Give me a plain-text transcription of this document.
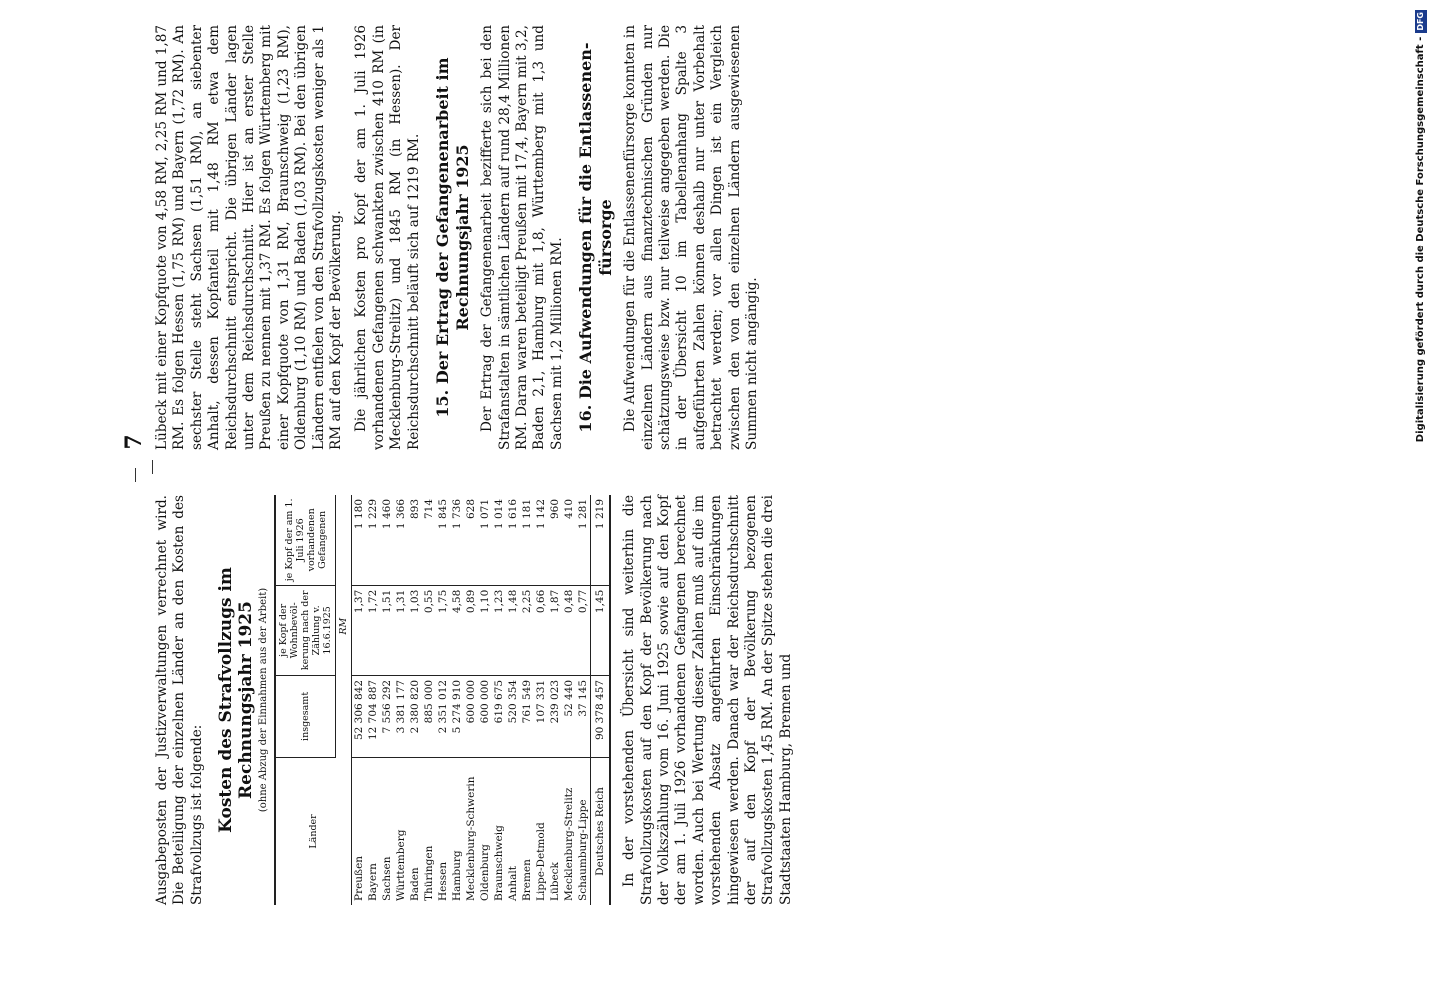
7

Ausgabeposten der Justizverwaltungen verrechnet wird. Die Beteiligung der einzelnen Länder an den Kosten des Strafvollzugs ist folgende: Kosten des Strafvollzugs im Rechnungsjahr 1925 (ohne Abzug der Einnahmen aus der Arbeit)
Länder	insgesamt	je Kopf der Wohnbevöl-kerung nach der Zählung v. 16.6.1925	je Kopf der am 1. Juli 1926 vorhandenen Gefangenen
	RM		
Preußen	52 306 842	1,37	1 180
Bayern	12 704 887	1,72	1 229
Sachsen	7 556 292	1,51	1 460
Württemberg	3 381 177	1,31	1 366
Baden	2 380 820	1,03	893
Thüringen	885 000	0,55	714
Hessen	2 351 012	1,75	1 845
Hamburg	5 274 910	4,58	1 736
Mecklenburg-Schwerin	600 000	0,89	628
Oldenburg	600 000	1,10	1 071
Braunschweig	619 675	1,23	1 014
Anhalt	520 354	1,48	1 616
Bremen	761 549	2,25	1 181
Lippe-Detmold	107 331	0,66	1 142
Lübeck	239 023	1,87	960
Mecklenburg-Strelitz	52 440	0,48	410
Schaumburg-Lippe	37 145	0,77	1 281
Deutsches Reich	90 378 457	1,45	1 219 In der vorstehenden Übersicht sind weiterhin die Strafvollzugskosten auf den Kopf der Bevölkerung nach der Volkszählung vom 16. Juni 1925 sowie auf den Kopf der am 1. Juli 1926 vorhandenen Gefangenen berechnet worden. Auch bei Wertung dieser Zahlen muß auf die im vorstehenden Absatz angeführten Einschränkungen hingewiesen werden. Danach war der Reichsdurchschnitt der auf den Kopf der Bevölkerung bezogenen Strafvollzugskosten 1,45 RM. An der Spitze stehen die drei Stadtstaaten Hamburg, Bremen und

Lübeck mit einer Kopfquote von 4,58 RM, 2,25 RM und 1,87 RM. Es folgen Hessen (1,75 RM) und Bayern (1,72 RM). An sechster Stelle steht Sachsen (1,51 RM), an siebenter Anhalt, dessen Kopfanteil mit 1,48 RM etwa dem Reichsdurchschnitt entspricht. Die übrigen Länder lagen unter dem Reichsdurchschnitt. Hier ist an erster Stelle Preußen zu nennen mit 1,37 RM. Es folgen Württemberg mit einer Kopfquote von 1,31 RM, Braunschweig (1,23 RM), Oldenburg (1,10 RM) und Baden (1,03 RM). Bei den übrigen Ländern entfielen von den Strafvollzugskosten weniger als 1 RM auf den Kopf der Bevölkerung. Die jährlichen Kosten pro Kopf der am 1. Juli 1926 vorhandenen Gefangenen schwankten zwischen 410 RM (in Mecklenburg-Strelitz) und 1845 RM (in Hessen). Der Reichsdurchschnitt beläuft sich auf 1219 RM. 15. Der Ertrag der Gefangenenarbeit im Rechnungsjahr 1925 Der Ertrag der Gefangenenarbeit bezifferte sich bei den Strafanstalten in sämtlichen Ländern auf rund 28,4 Millionen RM. Daran waren beteiligt Preußen mit 17,4, Bayern mit 3,2, Baden 2,1, Hamburg mit 1,8, Württemberg mit 1,3 und Sachsen mit 1,2 Millionen RM. 16. Die Aufwendungen für die Entlassenen-fürsorge Die Aufwendungen für die Entlassenenfürsorge konnten in einzelnen Ländern aus finanztechnischen Gründen nur schätzungsweise bzw. nur teilweise angegeben werden. Die in der Übersicht 10 im Tabellenanhang Spalte 3 aufgeführten Zahlen können deshalb nur unter Vorbehalt betrachtet werden; vor allen Dingen ist ein Vergleich zwischen den von den einzelnen Ländern ausgewiesenen Summen nicht angängig.	Digitalisierung gefördert durch die Deutsche Forschungsgemeinschaft -DFG
